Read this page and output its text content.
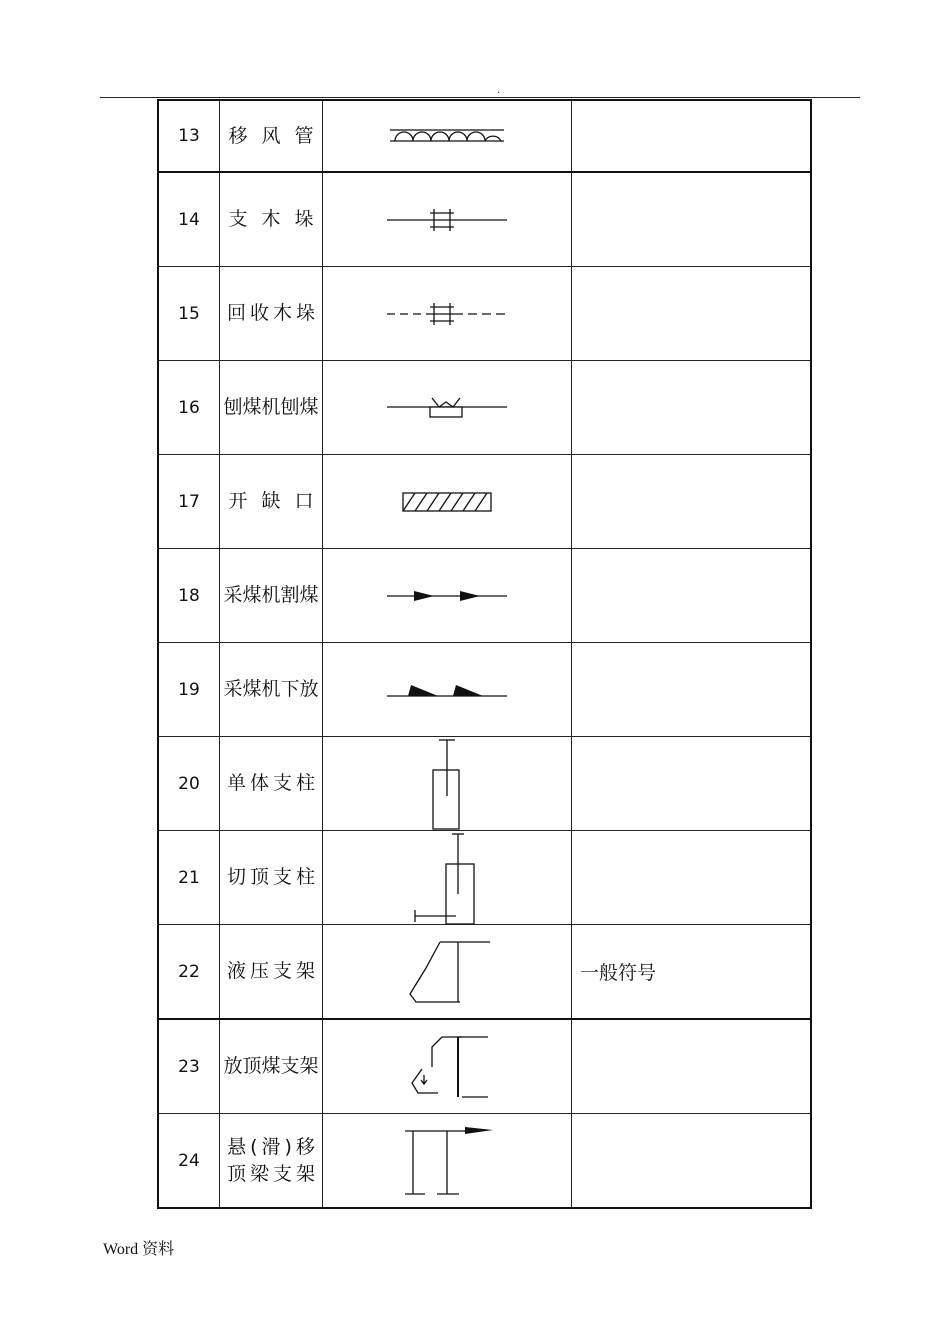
.
13	移风管	

14	支木垛	

15	回收木垛	

16	刨煤机刨煤	

17	开缺口	

18	采煤机割煤	

19	采煤机下放	

20	单体支柱	

21	切顶支柱	

22	液压支架		一般符号
23	放顶煤支架	

24	悬(滑)移
顶梁支架

Word 资料
